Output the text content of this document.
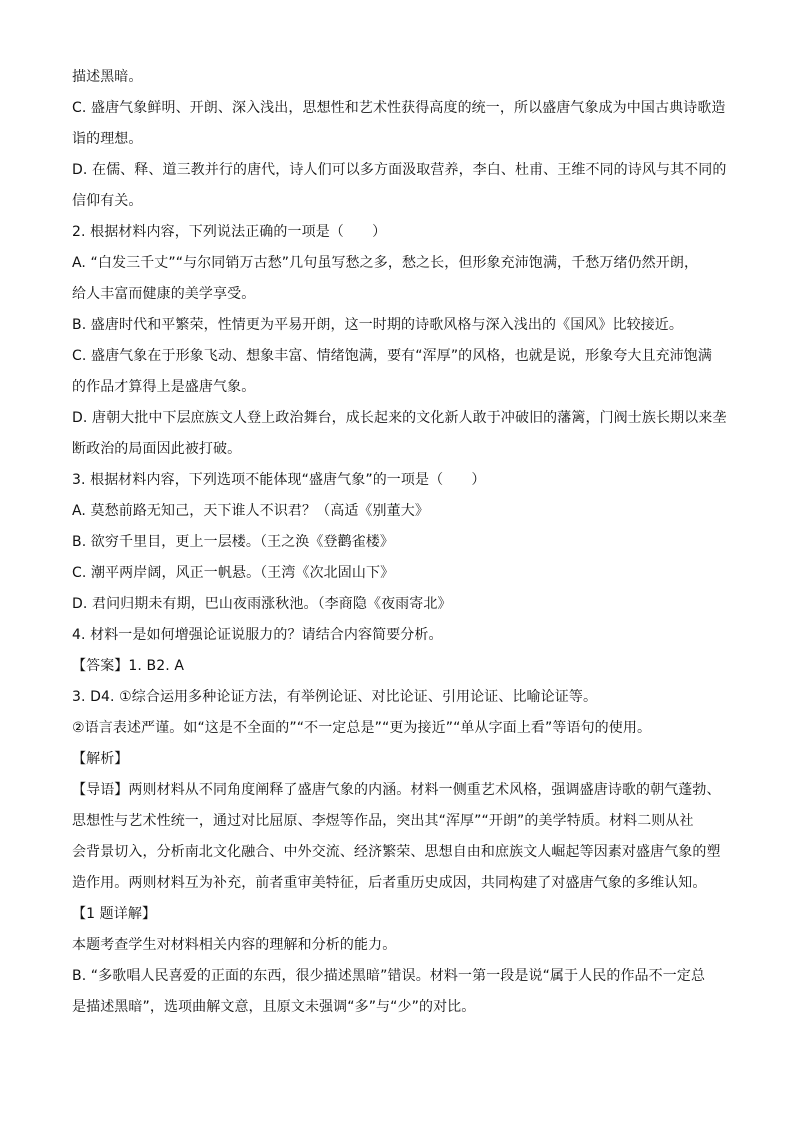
描述黑暗。
C. 盛唐气象鲜明、开朗、深入浅出，思想性和艺术性获得高度的统一，所以盛唐气象成为中国古典诗歌造
诣的理想。
D. 在儒、释、道三教并行的唐代，诗人们可以多方面汲取营养，李白、杜甫、王维不同的诗风与其不同的
信仰有关。
2. 根据材料内容，下列说法正确的一项是（　　）
A. “白发三千丈”“与尔同销万古愁”几句虽写愁之多，愁之长，但形象充沛饱满，千愁万绪仍然开朗，
给人丰富而健康的美学享受。
B. 盛唐时代和平繁荣，性情更为平易开朗，这一时期的诗歌风格与深入浅出的《国风》比较接近。
C. 盛唐气象在于形象飞动、想象丰富、情绪饱满，要有“浑厚”的风格，也就是说，形象夸大且充沛饱满
的作品才算得上是盛唐气象。
D. 唐朝大批中下层庶族文人登上政治舞台，成长起来的文化新人敢于冲破旧的藩篱，门阀士族长期以来垄
断政治的局面因此被打破。
3. 根据材料内容，下列选项不能体现“盛唐气象”的一项是（　　）
A. 莫愁前路无知己，天下谁人不识君？（高适《别董大》
B. 欲穷千里目，更上一层楼。（王之涣《登鹳雀楼》
C. 潮平两岸阔，风正一帆悬。（王湾《次北固山下》
D. 君问归期未有期，巴山夜雨涨秋池。（李商隐《夜雨寄北》
4. 材料一是如何增强论证说服力的？请结合内容简要分析。
【答案】1. B2. A
3. D4. ①综合运用多种论证方法，有举例论证、对比论证、引用论证、比喻论证等。
②语言表述严谨。如“这是不全面的”“不一定总是”“更为接近”“单从字面上看”等语句的使用。
【解析】
【导语】两则材料从不同角度阐释了盛唐气象的内涵。材料一侧重艺术风格，强调盛唐诗歌的朝气蓬勃、
思想性与艺术性统一，通过对比屈原、李煜等作品，突出其“浑厚”“开朗”的美学特质。材料二则从社
会背景切入，分析南北文化融合、中外交流、经济繁荣、思想自由和庶族文人崛起等因素对盛唐气象的塑
造作用。两则材料互为补充，前者重审美特征，后者重历史成因，共同构建了对盛唐气象的多维认知。
【1 题详解】
本题考查学生对材料相关内容的理解和分析的能力。
B. “多歌唱人民喜爱的正面的东西，很少描述黑暗”错误。材料一第一段是说“属于人民的作品不一定总
是描述黑暗”，选项曲解文意，且原文未强调“多”与“少”的对比。
